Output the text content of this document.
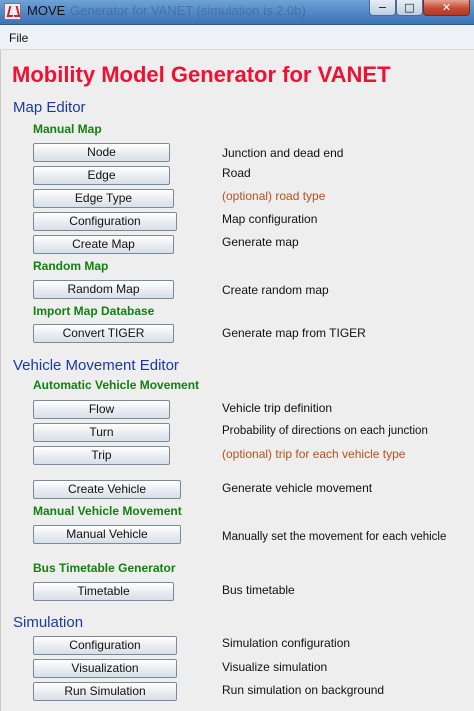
MOVE Generator for VANET (simulation is 2.0b)	−	□	✕
File
Mobility Model Generator for VANET
Map Editor
Manual Map
Node	Junction and dead end
Edge	Road
Edge Type	(optional) road type
Configuration	Map configuration
Create Map	Generate map
Random Map
Random Map	Create random map
Import Map Database
Convert TIGER	Generate map from TIGER
Vehicle Movement Editor
Automatic Vehicle Movement
Flow	Vehicle trip definition
Turn	Probability of directions on each junction
Trip	(optional) trip for each vehicle type
Create Vehicle	Generate vehicle movement
Manual Vehicle Movement
Manual Vehicle	Manually set the movement for each vehicle
Bus Timetable Generator
Timetable	Bus timetable
Simulation
Configuration	Simulation configuration
Visualization	Visualize simulation
Run Simulation	Run simulation on background
